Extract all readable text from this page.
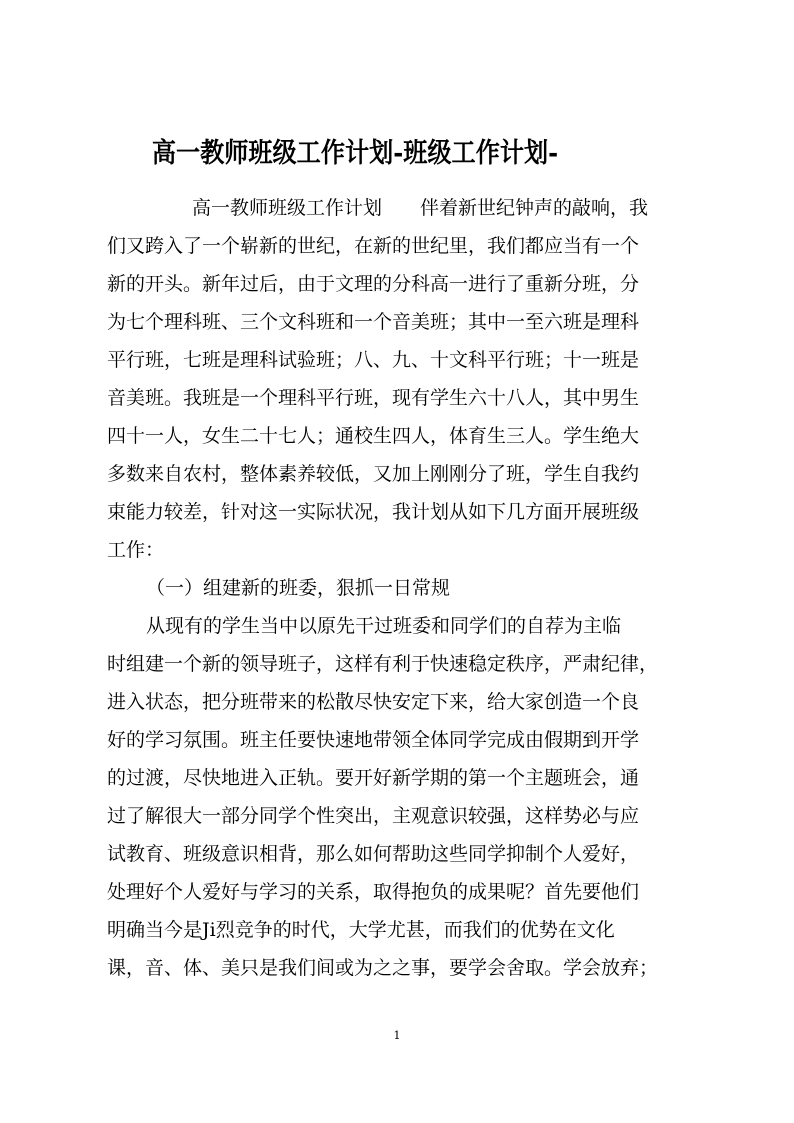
高一教师班级工作计划-班级工作计划-
高一教师班级工作计划　　伴着新世纪钟声的敲响，我
们又跨入了一个崭新的世纪，在新的世纪里，我们都应当有一个
新的开头。新年过后，由于文理的分科高一进行了重新分班，分
为七个理科班、三个文科班和一个音美班；其中一至六班是理科
平行班，七班是理科试验班；八、九、十文科平行班；十一班是
音美班。我班是一个理科平行班，现有学生六十八人，其中男生
四十一人，女生二十七人；通校生四人，体育生三人。学生绝大
多数来自农村，整体素养较低，又加上刚刚分了班，学生自我约
束能力较差，针对这一实际状况，我计划从如下几方面开展班级
工作：
（一）组建新的班委，狠抓一日常规
从现有的学生当中以原先干过班委和同学们的自荐为主临
时组建一个新的领导班子，这样有利于快速稳定秩序，严肃纪律，
进入状态，把分班带来的松散尽快安定下来，给大家创造一个良
好的学习氛围。班主任要快速地带领全体同学完成由假期到开学
的过渡，尽快地进入正轨。要开好新学期的第一个主题班会，通
过了解很大一部分同学个性突出，主观意识较强，这样势必与应
试教育、班级意识相背，那么如何帮助这些同学抑制个人爱好，
处理好个人爱好与学习的关系，取得抱负的成果呢？首先要他们
明确当今是Ji烈竞争的时代，大学尤甚，而我们的优势在文化
课，音、体、美只是我们间或为之之事，要学会舍取。学会放弃；
1
